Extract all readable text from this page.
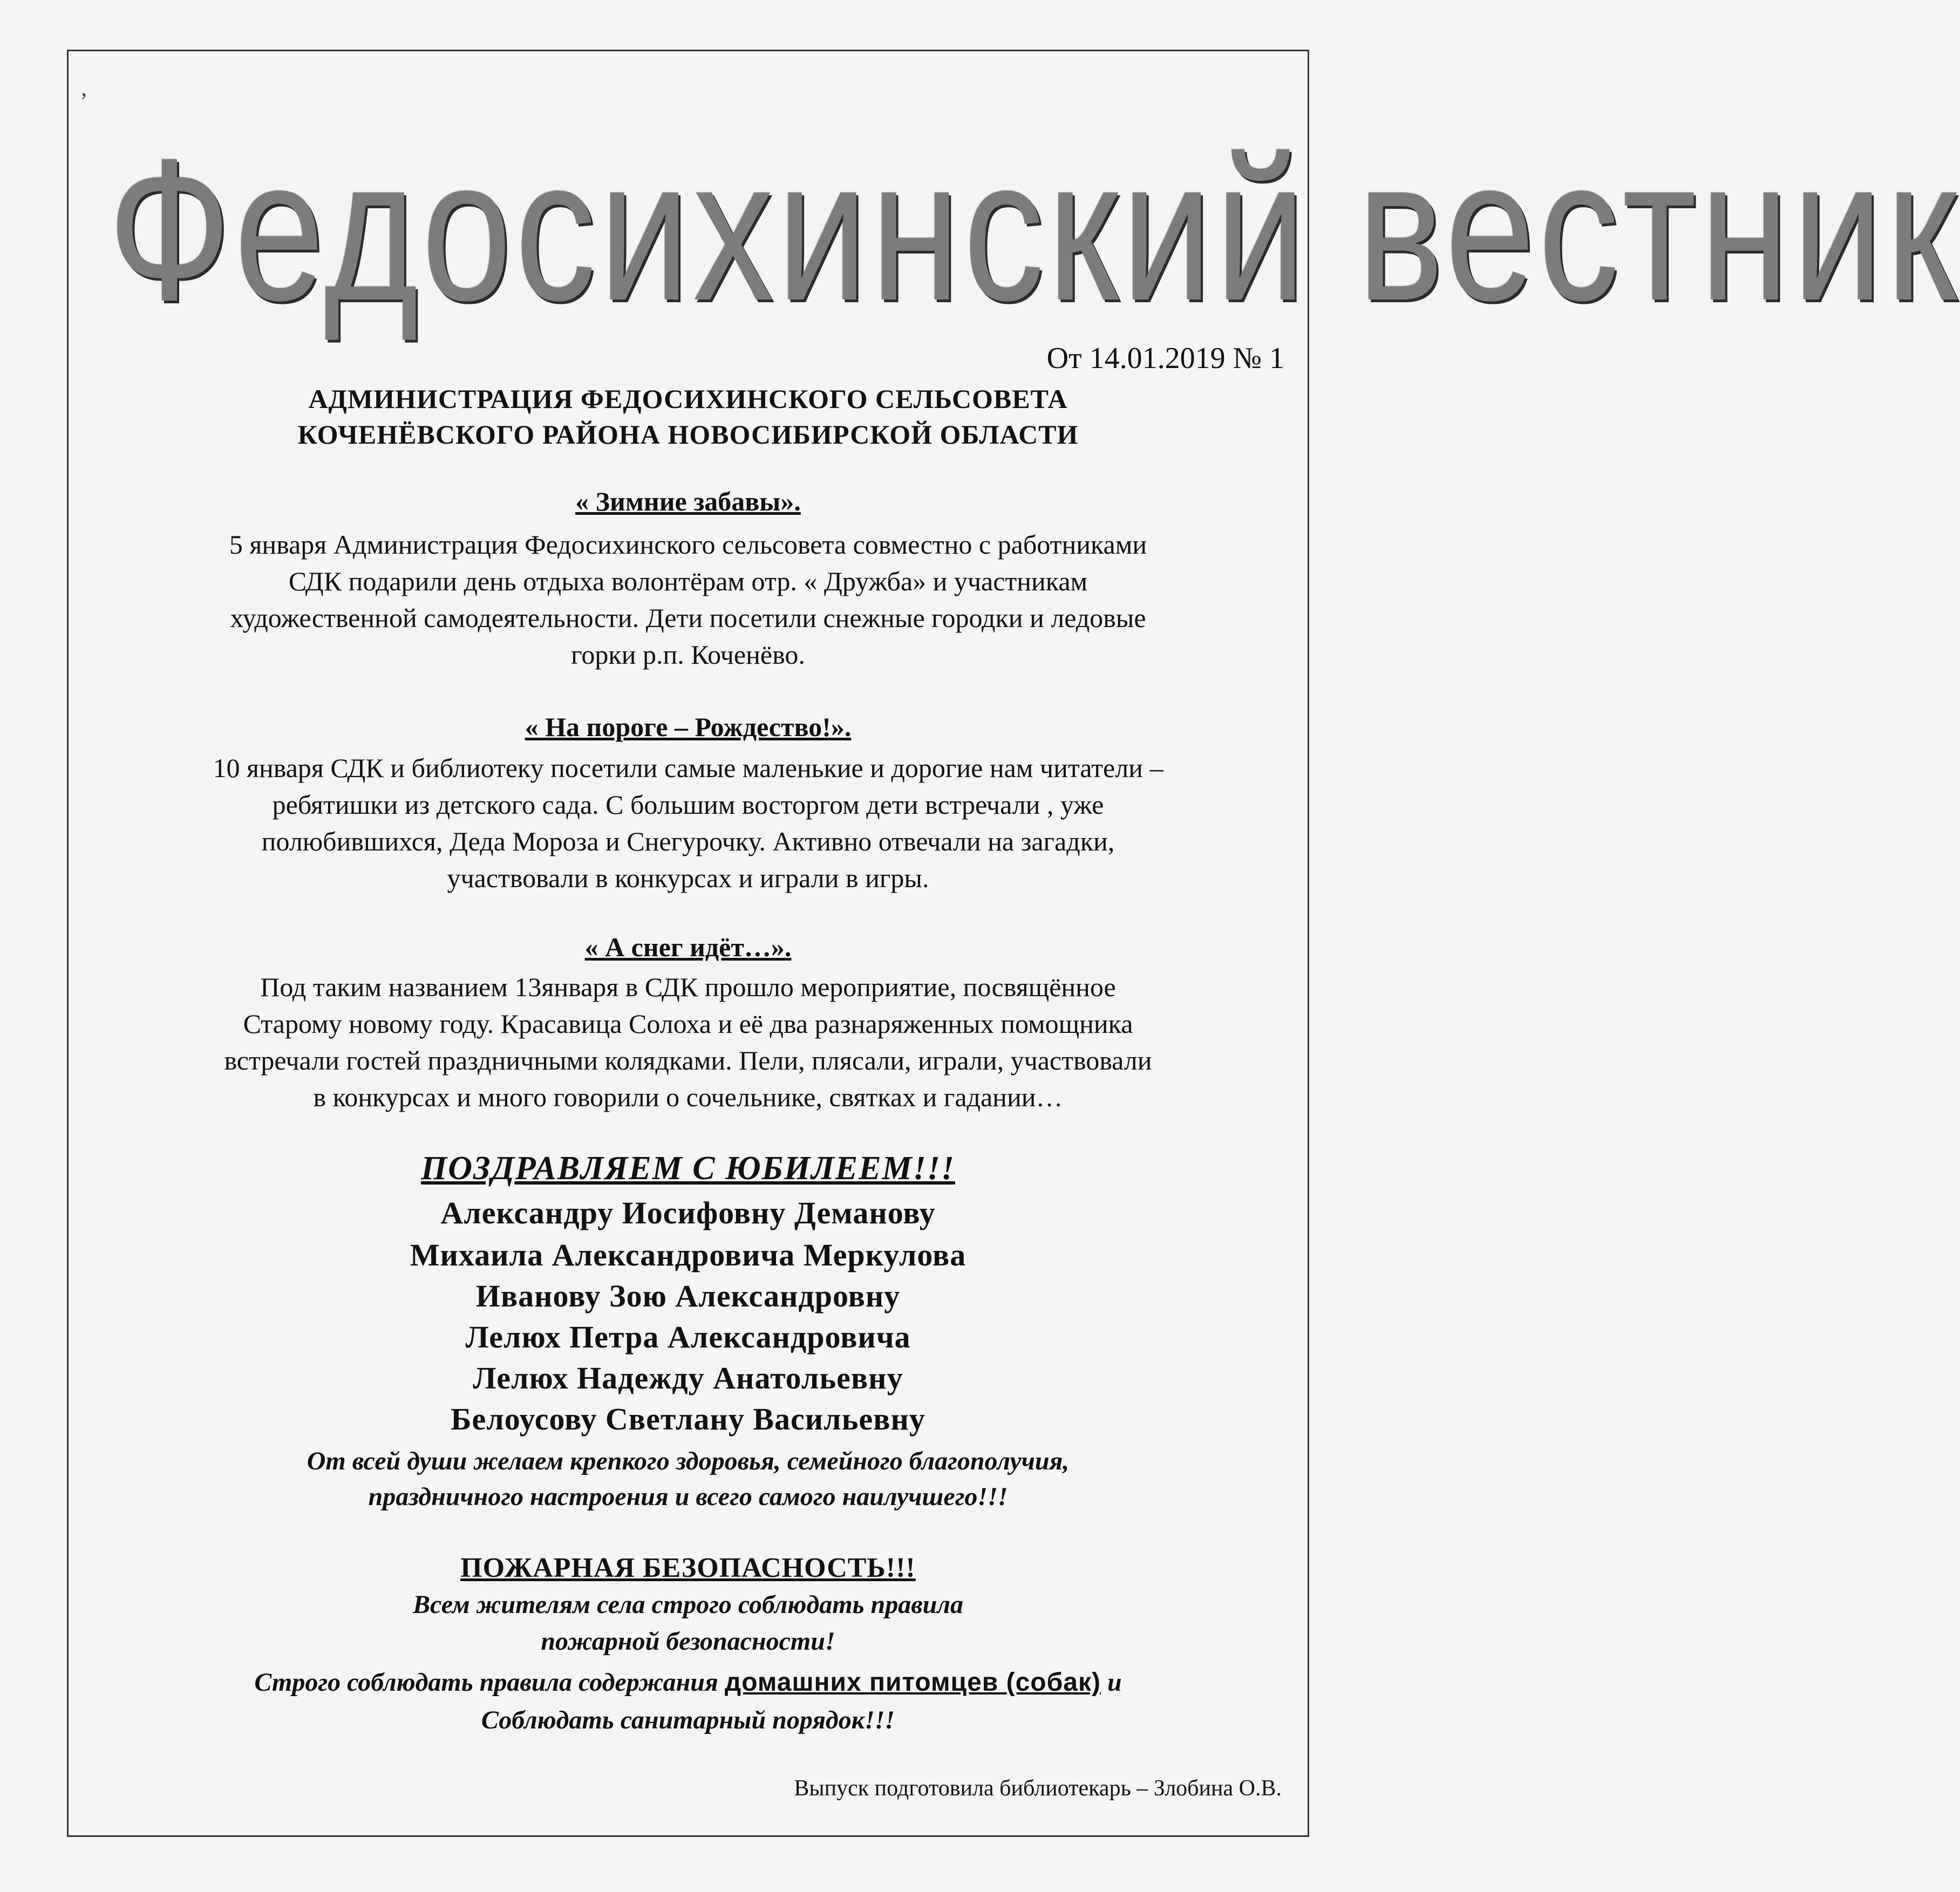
’
Федосихинский вестник
От 14.01.2019 № 1
АДМИНИСТРАЦИЯ ФЕДОСИХИНСКОГО СЕЛЬСОВЕТА
КОЧЕНЁВСКОГО РАЙОНА НОВОСИБИРСКОЙ ОБЛАСТИ
« Зимние забавы».
5 января Администрация Федосихинского сельсовета совместно с работниками
СДК подарили день отдыха волонтёрам отр. « Дружба» и участникам
художественной самодеятельности. Дети посетили снежные городки и ледовые
горки р.п. Коченёво.
« На пороге – Рождество!».
10 января СДК и библиотеку посетили самые маленькие и дорогие нам читатели –
ребятишки из детского сада. С большим восторгом дети встречали , уже
полюбившихся, Деда Мороза и Снегурочку. Активно отвечали на загадки,
участвовали в конкурсах и играли в игры.
« А снег идёт…».
Под таким названием 13января в СДК прошло мероприятие, посвящённое
Старому новому году. Красавица Солоха и её два разнаряженных помощника
встречали гостей праздничными колядками. Пели, плясали, играли, участвовали
в конкурсах и много говорили о сочельнике, святках и гадании…
ПОЗДРАВЛЯЕМ С ЮБИЛЕЕМ!!!
Александру Иосифовну Деманову
Михаила Александровича Меркулова
Иванову Зою Александровну
Лелюх Петра Александровича
Лелюх Надежду Анатольевну
Белоусову Светлану Васильевну
От всей души желаем крепкого здоровья, семейного благополучия,
праздничного настроения и всего самого наилучшего!!!
ПОЖАРНАЯ БЕЗОПАСНОСТЬ!!!
Всем жителям села строго соблюдать правила
пожарной безопасности!
Строго соблюдать правила содержания домашних питомцев (собак) и
Соблюдать санитарный порядок!!!
Выпуск подготовила библиотекарь – Злобина О.В.
